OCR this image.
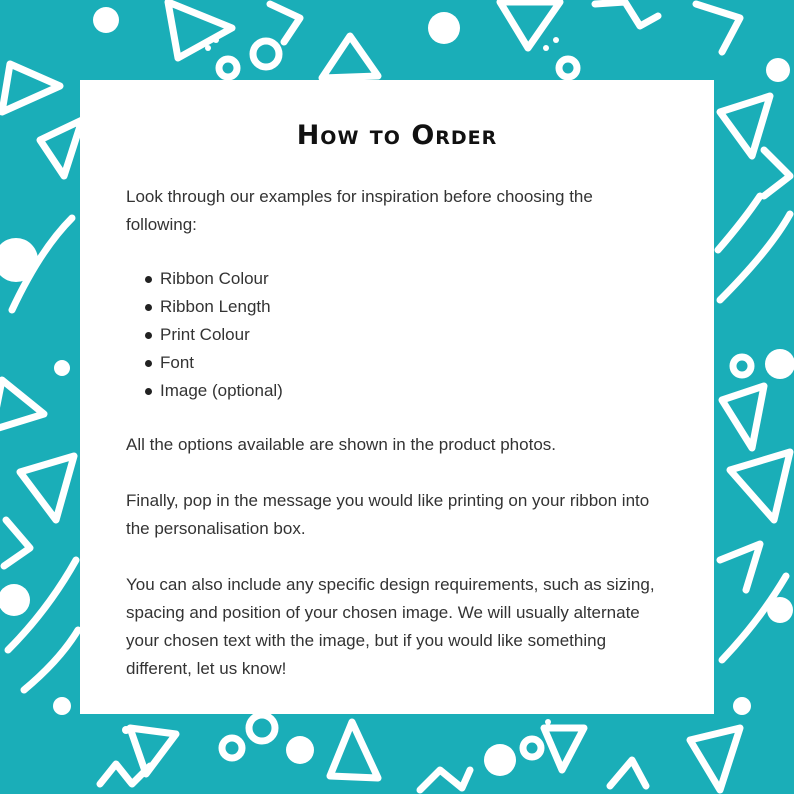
How to Order

Look through our examples for inspiration before choosing the following:

Ribbon Colour
Ribbon Length
Print Colour
Font
Image (optional)

All the options available are shown in the product photos.

Finally, pop in the message you would like printing on your ribbon into the personalisation box.

You can also include any specific design requirements, such as sizing, spacing and position of your chosen image. We will usually alternate your chosen text with the image, but if you would like something different, let us know!
